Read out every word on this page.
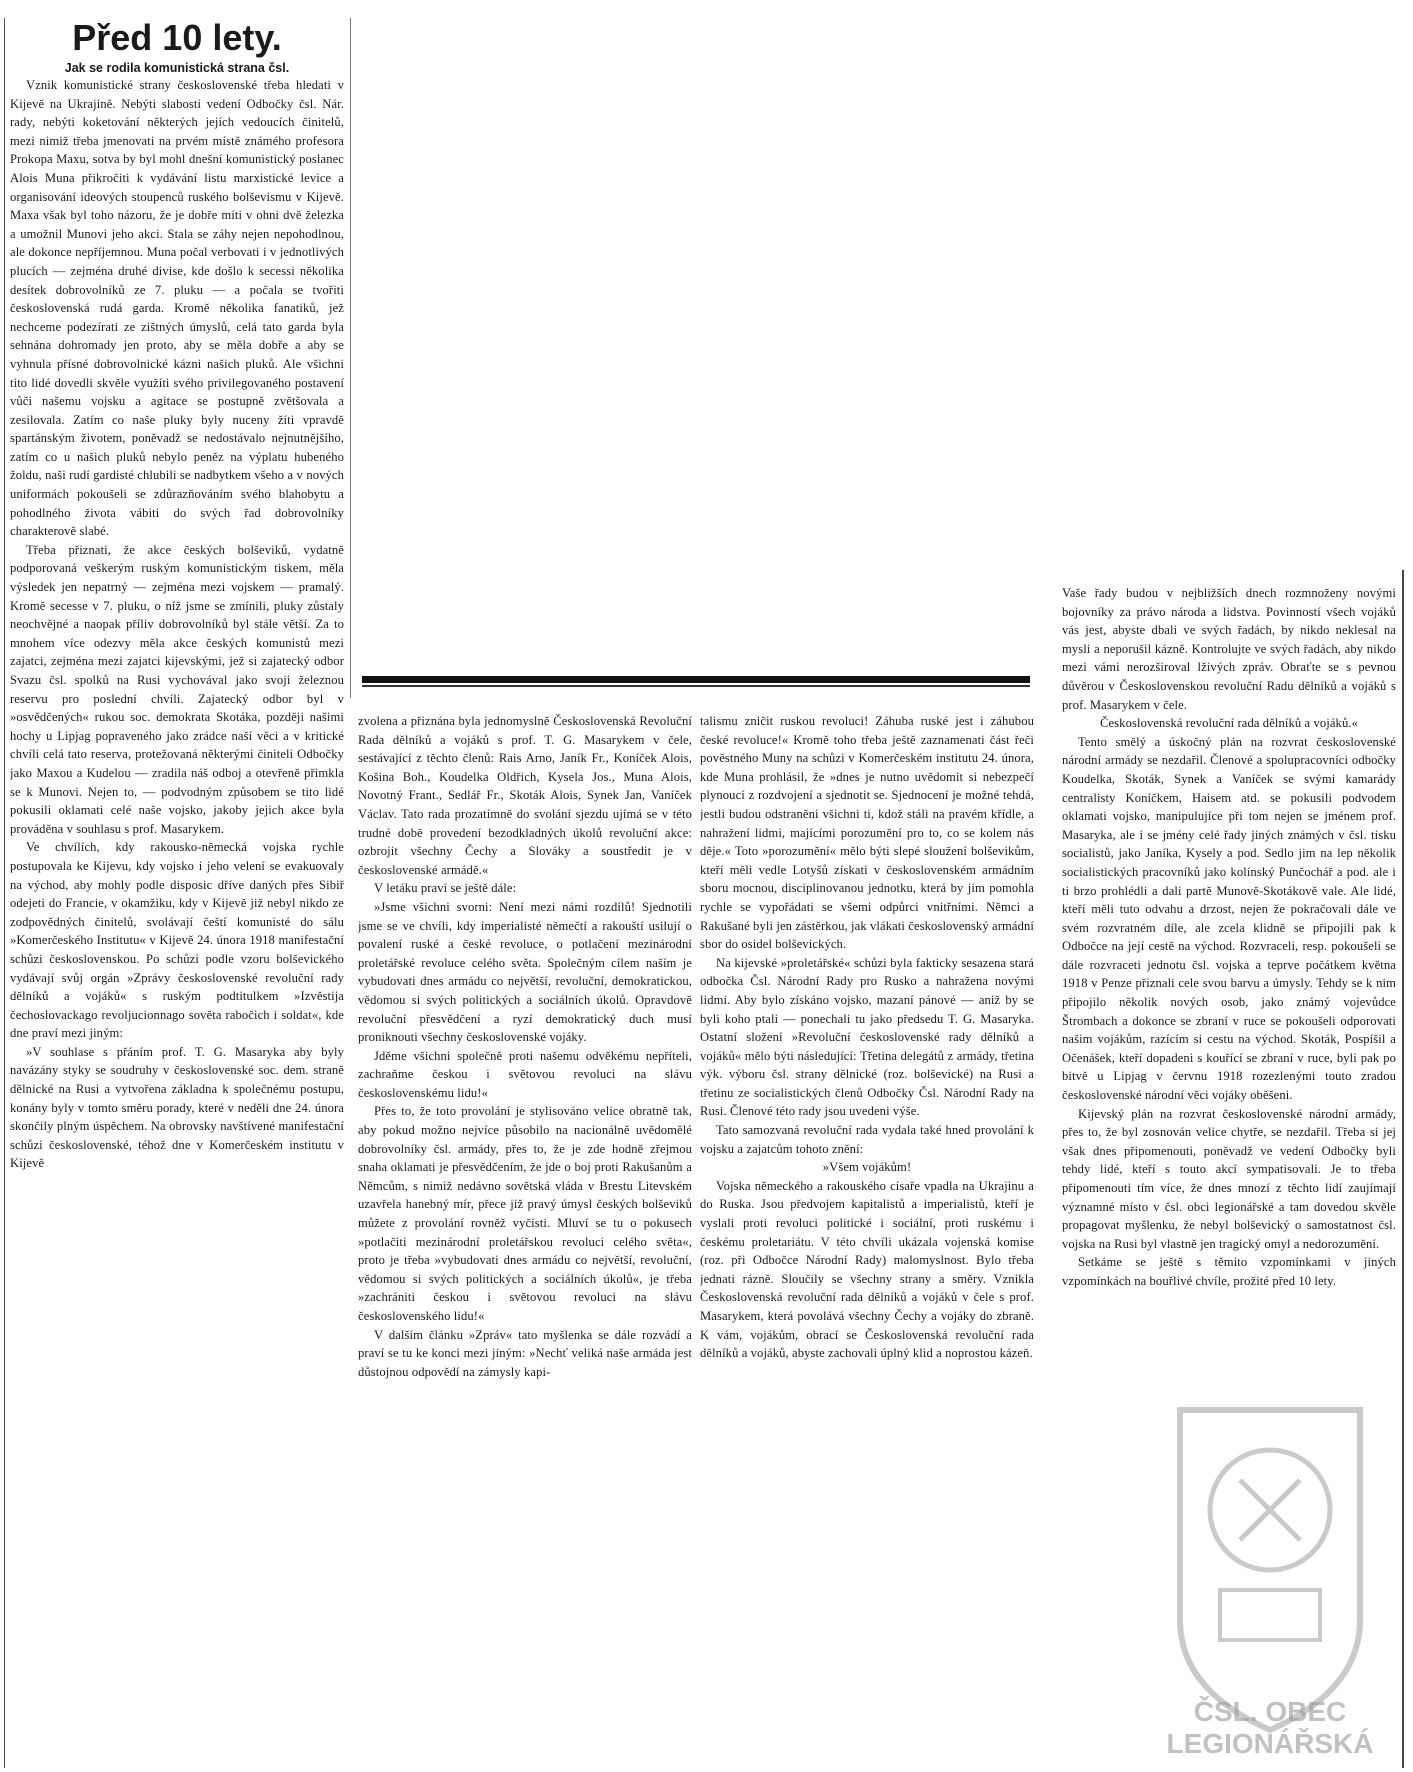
Před 10 lety.
Jak se rodila komunistická strana čsl.

Vznik komunistické strany československé třeba hledati v Kijevě na Ukrajině. Nebýti slabosti vedení Odbočky čsl. Nár. rady, nebýti koketování některých jejích vedoucích činitelů, mezi nimiž třeba jmenovati na prvém místě známého profesora Prokopa Maxu, sotva by byl mohl dnešní komunistický poslanec Alois Muna přikročiti k vydávání listu marxistické levice a organisování ideových stoupenců ruského bolševismu v Kijevě. Maxa však byl toho názoru, že je dobře míti v ohni dvě železka a umožnil Munovi jeho akci. Stala se záhy nejen nepohodlnou, ale dokonce nepříjemnou. Muna počal verbovati i v jednotlivých plucích — zejména druhé divise, kde došlo k secessi několika desítek dobrovolníků ze 7. pluku — a počala se tvořiti československá rudá garda. Kromě několika fanatiků, jež nechceme podezírati ze zištných úmyslů, celá tato garda byla sehnána dohromady jen proto, aby se měla dobře a aby se vyhnula přísné dobrovolnické kázni našich pluků. Ale všichni tito lidé dovedli skvěle využíti svého privilegovaného postavení vůči našemu vojsku a agitace se postupně zvětšovala a zesilovala. Zatím co naše pluky byly nuceny žíti vpravdě spartánským životem, poněvadž se nedostávalo nejnutnějšího, zatím co u našich pluků nebylo peněz na výplatu hubeného žoldu, naši rudí gardisté chlubili se nadbytkem všeho a v nových uniformách pokoušeli se zdůrazňováním svého blahobytu a pohodlného života vábiti do svých řad dobrovolníky charakterově slabé.

Třeba přiznati, že akce českých bolševiků, vydatně podporovaná veškerým ruským komunistickým tiskem, měla výsledek jen nepatrný — zejména mezi vojskem — pramalý. Kromě secesse v 7. pluku, o níž jsme se zmínili, pluky zůstaly neochvějné a naopak příliv dobrovolníků byl stále větší. Za to mnohem více odezvy měla akce českých komunistů mezi zajatci, zejména mezi zajatci kijevskými, jež si zajatecký odbor Svazu čsl. spolků na Rusi vychovával jako svoji železnou reservu pro poslední chvíli. Zajatecký odbor byl v »osvědčených« rukou soc. demokrata Skotáka, později našimi hochy u Lipjag popraveného jako zrádce naší věci a v kritické chvíli celá tato reserva, protežovaná některými činiteli Odbočky jako Maxou a Kudelou — zradila náš odboj a otevřeně přimkla se k Munovi. Nejen to, — podvodným způsobem se tito lidé pokusili oklamati celé naše vojsko, jakoby jejich akce byla prováděna v souhlasu s prof. Masarykem.

Ve chvílích, kdy rakousko-německá vojska rychle postupovala ke Kijevu, kdy vojsko i jeho velení se evakuovaly na východ, aby mohly podle disposic dříve daných přes Sibiř odejeti do Francie, v okamžiku, kdy v Kijevě již nebyl nikdo ze zodpovědných činitelů, svolávají čeští komunisté do sálu »Komerčeského Institutu« v Kijevě 24. února 1918 manifestační schůzi československou. Po schůzi podle vzoru bolševického vydávají svůj orgán »Zprávy československé revoluční rady dělníků a vojáků« s ruským podtitulkem »Izvěstija čechoslovackago revoljucionnago sověta rabočich i soldat«, kde dne praví mezi jiným:

»V souhlase s přáním prof. T. G. Masaryka aby byly navázány styky se soudruhy v československé soc. dem. straně dělnické na Rusi a vytvořena základna k společnému postupu, konány byly v tomto směru porady, které v neděli dne 24. února skončily plným úspěchem. Na obrovsky navštívené manifestační schůzi československé, téhož dne v Komerčeském institutu v Kijevě

zvolena a přiznána byla jednomyslně Československá Revoluční Rada dělníků a vojáků s prof. T. G. Masarykem v čele, sestávající z těchto členů: Rais Arno, Janík Fr., Koníček Alois, Košina Boh., Koudelka Oldřich, Kysela Jos., Muna Alois, Novotný Frant., Sedlář Fr., Skoták Alois, Synek Jan, Vaníček Václav. Tato rada prozatímně do svolání sjezdu ujímá se v této trudné době provedení bezodkladných úkolů revoluční akce: ozbrojit všechny Čechy a Slováky a soustředit je v československé armádě.«

V letáku praví se ještě dále:

»Jsme všichni svorni: Není mezi námi rozdílů! Sjednotili jsme se ve chvíli, kdy imperialisté němečtí a rakouští usilují o povalení ruské a české revoluce, o potlačení mezinárodní proletářské revoluce celého světa. Společným cílem naším je vybudovati dnes armádu co největší, revoluční, demokratickou, vědomou si svých politických a sociálních úkolů. Opravdově revoluční přesvědčení a ryzí demokratický duch musí proniknouti všechny československé vojáky.

Jděme všichni společně proti našemu odvěkému nepříteli, zachraňme českou i světovou revoluci na slávu československému lidu!«

Přes to, že toto provolání je stylisováno velice obratně tak, aby pokud možno nejvíce působilo na nacionálně uvědomělé dobrovolníky čsl. armády, přes to, že je zde hodně zřejmou snaha oklamati je přesvědčením, že jde o boj proti Rakušanům a Němcům, s nimiž nedávno sovětská vláda v Brestu Litevském uzavřela hanebný mír, přece již pravý úmysl českých bolševiků můžete z provolání rovněž vyčísti. Mluví se tu o pokusech »potlačiti mezinárodní proletářskou revoluci celého světa«, proto je třeba »vybudovati dnes armádu co největší, revoluční, vědomou si svých politických a sociálních úkolů«, je třeba »zachrániti českou i světovou revoluci na slávu československého lidu!«

V dalším článku »Zpráv« tato myšlenka se dále rozvádí a praví se tu ke konci mezi jiným: »Nechť veliká naše armáda jest důstojnou odpovědí na zámysly kapi-

talismu zničit ruskou revoluci! Záhuba ruské jest i záhubou české revoluce!« Kromě toho třeba ještě zaznamenati část řeči pověstného Muny na schůzi v Komerčeském institutu 24. února, kde Muna prohlásil, že »dnes je nutno uvědomit si nebezpečí plynoucí z rozdvojení a sjednotit se. Sjednocení je možné tehdá, jestli budou odstraněni všichni ti, kdož stáli na pravém křídle, a nahražení lidmi, majícími porozumění pro to, co se kolem nás děje.« Toto »porozumění« mělo býti slepé sloužení bolševikům, kteří měli vedle Lotyšů získati v československém armádním sboru mocnou, disciplinovanou jednotku, která by jim pomohla rychle se vypořádati se všemi odpůrci vnitřními. Němci a Rakušané byli jen zástěrkou, jak vlákati československý armádní sbor do osidel bolševických.

Na kijevské »proletářské« schůzi byla fakticky sesazena stará odbočka Čsl. Národní Rady pro Rusko a nahražena novými lidmi. Aby bylo získáno vojsko, mazaní pánové — aniž by se byli koho ptali — ponechali tu jako předsedu T. G. Masaryka. Ostatní složení »Revoluční československé rady dělníků a vojáků« mělo býti následující: Třetina delegátů z armády, třetina výk. výboru čsl. strany dělnické (roz. bolševické) na Rusi a třetinu ze socialistických členů Odbočky Čsl. Národní Rady na Rusi. Členové této rady jsou uvedeni výše.

Tato samozvaná revoluční rada vydala také hned provolání k vojsku a zajatcům tohoto znění:

»Všem vojákům!

Vojska německého a rakouského císaře vpadla na Ukrajinu a do Ruska. Jsou předvojem kapitalistů a imperialistů, kteří je vyslali proti revoluci politické i sociální, proti ruskému i českému proletariátu. V této chvíli ukázala vojenská komise (roz. při Odbočce Národní Rady) malomyslnost. Bylo třeba jednati rázně. Sloučily se všechny strany a směry. Vznikla Československá revoluční rada dělníků a vojáků v čele s prof. Masarykem, která povolává všechny Čechy a vojáky do zbraně. K vám, vojákům, obrací se Československá revoluční rada dělníků a vojáků, abyste zachovali úplný klid a noprostou kázeň.

Vaše řady budou v nejbližších dnech rozmnoženy novými bojovníky za právo národa a lidstva. Povinností všech vojáků vás jest, abyste dbali ve svých řadách, by nikdo neklesal na mysli a neporušil kázně. Kontrolujte ve svých řadách, aby nikdo mezi vámi nerozširoval lživých zpráv. Obraťte se s pevnou důvěrou v Československou revoluční Radu dělníků a vojáků s prof. Masarykem v čele.

Československá revoluční rada dělníků a vojáků.«

Tento smělý a úskočný plán na rozvrat československé národní armády se nezdařil. Členové a spolupracovníci odbočky Koudelka, Skoták, Synek a Vaníček se svými kamarády centralisty Koníčkem, Haisem atd. se pokusili podvodem oklamati vojsko, manipulujíce při tom nejen se jménem prof. Masaryka, ale i se jmény celé řady jiných známých v čsl. tisku socialistů, jako Janíka, Kysely a pod. Sedlo jim na lep několik socialistických pracovníků jako kolínský Punčochář a pod. ale i ti brzo prohlédli a dali partě Munově-Skotákově vale. Ale lidé, kteří měli tuto odvahu a drzost, nejen že pokračovali dále ve svém rozvratném díle, ale zcela klidně se připojili pak k Odbočce na její cestě na východ. Rozvraceli, resp. pokoušeli se dále rozvraceti jednotu čsl. vojska a teprve počátkem května 1918 v Penze přiznali cele svou barvu a úmysly. Tehdy se k nim připojilo několik nových osob, jako známý vojevůdce Štrombach a dokonce se zbraní v ruce se pokoušeli odporovati našim vojákům, razícím si cestu na východ. Skoták, Pospíšil a Očenášek, kteří dopadeni s kouřící se zbraní v ruce, byli pak po bitvě u Lipjag v červnu 1918 rozezlenými touto zradou československé národní věci vojáky oběšeni.

Kijevský plán na rozvrat československé národní armády, přes to, že byl zosnován velice chytře, se nezdařil. Třeba si jej však dnes připomenouti, poněvadž ve vedení Odbočky byli tehdy lidé, kteří s touto akcí sympatisovali. Je to třeba připomenouti tím více, že dnes mnozí z těchto lidí zaujímají významné místo v čsl. obci legionářské a tam dovedou skvěle propagovat myšlenku, že nebyl bolševický o samostatnost čsl. vojska na Rusi byl vlastně jen tragický omyl a nedorozumění.

Setkáme se ještě s těmito vzpomínkami v jiných vzpomínkách na bouřlivé chvíle, prožité před 10 lety.

ČSL. OBEC LEGIONÁŘSKÁ
